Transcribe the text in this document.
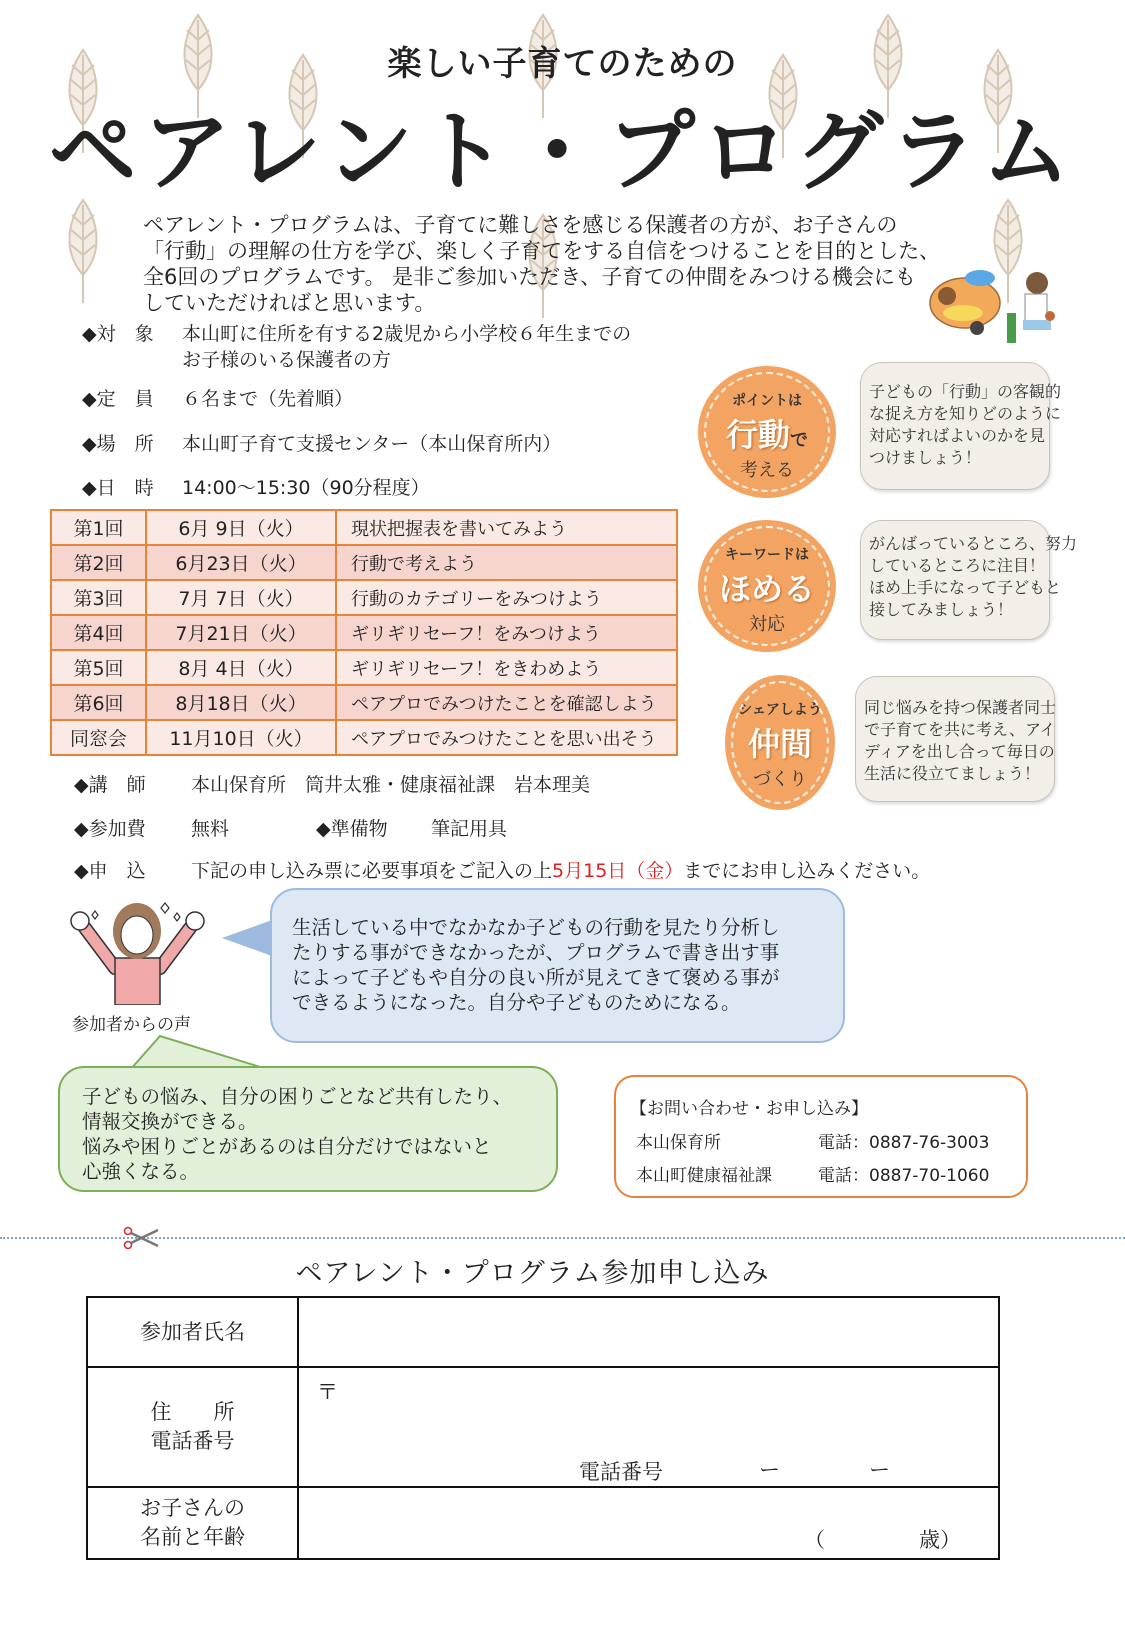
楽しい子育てのための
ペアレント・プログラム
ペアレント・プログラムは、子育てに難しさを感じる保護者の方が、お子さんの
「行動」の理解の仕方を学び、楽しく子育てをする自信をつけることを目的とした、
全6回のプログラムです。 是非ご参加いただき、子育ての仲間をみつける機会にも
していただければと思います。
◆対　象 本山町に住所を有する2歳児から小学校６年生までの
お子様のいる保護者の方
◆定　員 ６名まで（先着順）
◆場　所 本山町子育て支援センター（本山保育所内）
◆日　時 14:00～15:30（90分程度）
第1回	6月 9日（火）	現状把握表を書いてみよう
第2回	6月23日（火）	行動で考えよう
第3回	7月 7日（火）	行動のカテゴリーをみつけよう
第4回	7月21日（火）	ギリギリセーフ！をみつけよう
第5回	8月 4日（火）	ギリギリセーフ！をきわめよう
第6回	8月18日（火）	ペアプロでみつけたことを確認しよう
同窓会	11月10日（火）	ペアプロでみつけたことを思い出そう
ポイントは
行動で
考える
子どもの「行動」の客観的
な捉え方を知りどのように
対応すればよいのかを見
つけましょう！
キーワードは
ほめる
対応
がんばっているところ、努力
しているところに注目！
ほめ上手になって子どもと
接してみましょう！
シェアしよう
仲間
づくり
同じ悩みを持つ保護者同士
で子育てを共に考え、アイ
ディアを出し合って毎日の
生活に役立てましょう！
◆講　師 本山保育所　筒井太雅・健康福祉課　岩本理美
◆参加費 無料	◆準備物 筆記用具
◆申　込 下記の申し込み票に必要事項をご記入の上5月15日（金）までにお申し込みください。
参加者からの声
生活している中でなかなか子どもの行動を見たり分析し
たりする事ができなかったが、プログラムで書き出す事
によって子どもや自分の良い所が見えてきて褒める事が
できるようになった。自分や子どものためになる。
子どもの悩み、自分の困りごとなど共有したり、
情報交換ができる。
悩みや困りごとがあるのは自分だけではないと
心強くなる。
【お問い合わせ・お申し込み】
本山保育所	電話：0887-76-3003
本山町健康福祉課	電話：0887-70-1060
ペアレント・プログラム参加申し込み
参加者氏名	

住　　所
電話番号

〒
電話番号	ー	ー

お子さんの
名前と年齢	（	歳）
